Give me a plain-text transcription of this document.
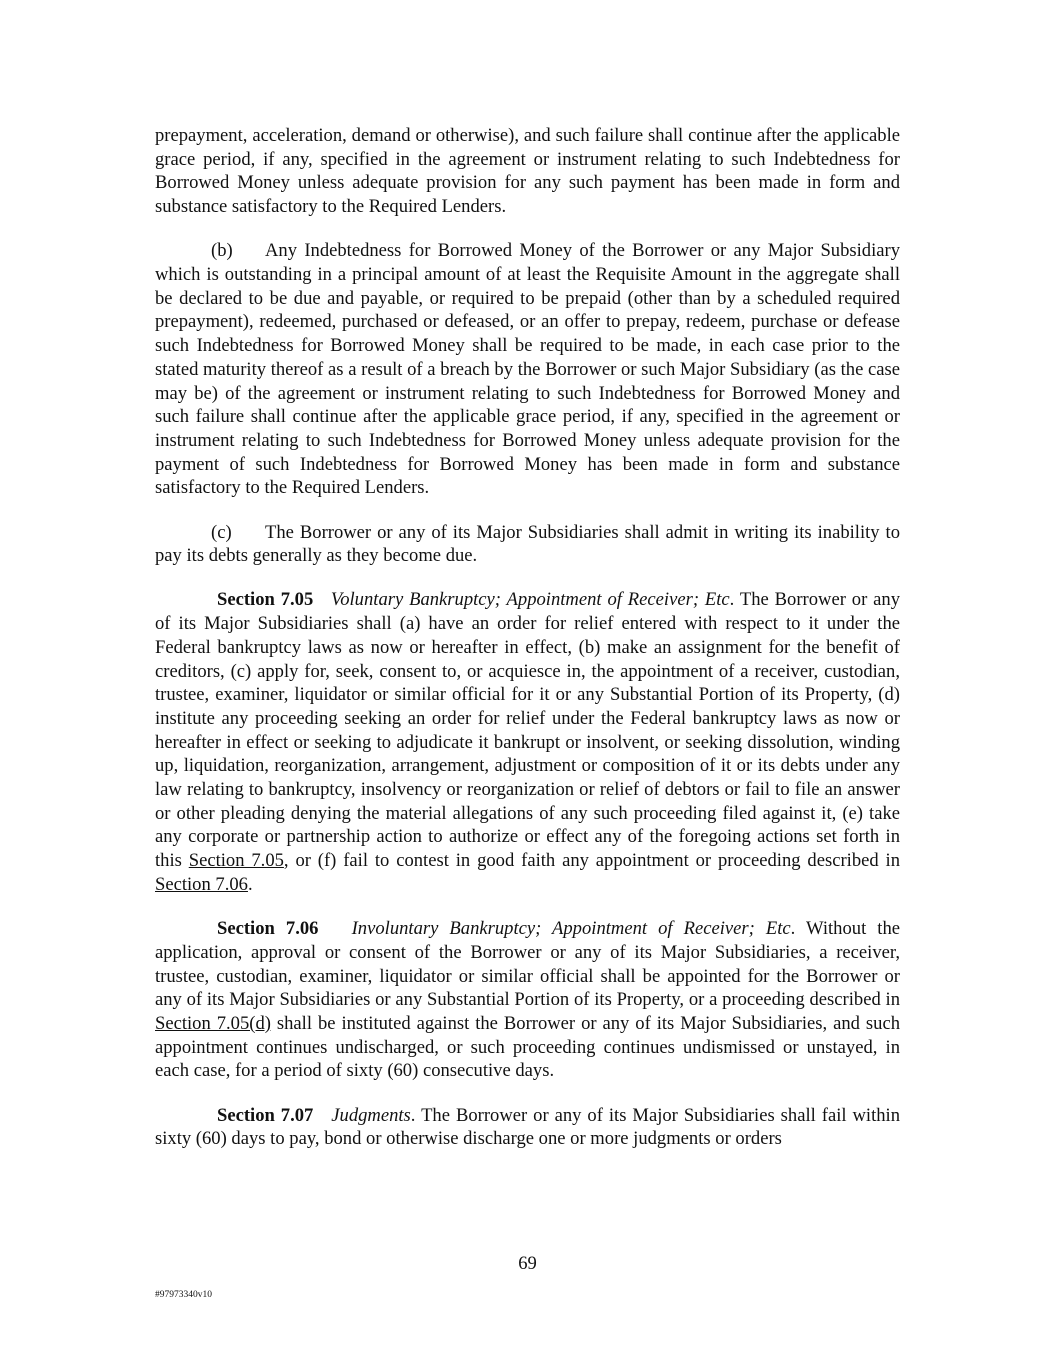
prepayment, acceleration, demand or otherwise), and such failure shall continue after the applicable grace period, if any, specified in the agreement or instrument relating to such Indebtedness for Borrowed Money unless adequate provision for any such payment has been made in form and substance satisfactory to the Required Lenders.

(b) Any Indebtedness for Borrowed Money of the Borrower or any Major Subsidiary which is outstanding in a principal amount of at least the Requisite Amount in the aggregate shall be declared to be due and payable, or required to be prepaid (other than by a scheduled required prepayment), redeemed, purchased or defeased, or an offer to prepay, redeem, purchase or defease such Indebtedness for Borrowed Money shall be required to be made, in each case prior to the stated maturity thereof as a result of a breach by the Borrower or such Major Subsidiary (as the case may be) of the agreement or instrument relating to such Indebtedness for Borrowed Money and such failure shall continue after the applicable grace period, if any, specified in the agreement or instrument relating to such Indebtedness for Borrowed Money unless adequate provision for the payment of such Indebtedness for Borrowed Money has been made in form and substance satisfactory to the Required Lenders.

(c) The Borrower or any of its Major Subsidiaries shall admit in writing its inability to pay its debts generally as they become due.

Section 7.05 Voluntary Bankruptcy; Appointment of Receiver; Etc. The Borrower or any of its Major Subsidiaries shall (a) have an order for relief entered with respect to it under the Federal bankruptcy laws as now or hereafter in effect, (b) make an assignment for the benefit of creditors, (c) apply for, seek, consent to, or acquiesce in, the appointment of a receiver, custodian, trustee, examiner, liquidator or similar official for it or any Substantial Portion of its Property, (d) institute any proceeding seeking an order for relief under the Federal bankruptcy laws as now or hereafter in effect or seeking to adjudicate it bankrupt or insolvent, or seeking dissolution, winding up, liquidation, reorganization, arrangement, adjustment or composition of it or its debts under any law relating to bankruptcy, insolvency or reorganization or relief of debtors or fail to file an answer or other pleading denying the material allegations of any such proceeding filed against it, (e) take any corporate or partnership action to authorize or effect any of the foregoing actions set forth in this Section 7.05, or (f) fail to contest in good faith any appointment or proceeding described in Section 7.06.

Section 7.06 Involuntary Bankruptcy; Appointment of Receiver; Etc. Without the application, approval or consent of the Borrower or any of its Major Subsidiaries, a receiver, trustee, custodian, examiner, liquidator or similar official shall be appointed for the Borrower or any of its Major Subsidiaries or any Substantial Portion of its Property, or a proceeding described in Section 7.05(d) shall be instituted against the Borrower or any of its Major Subsidiaries, and such appointment continues undischarged, or such proceeding continues undismissed or unstayed, in each case, for a period of sixty (60) consecutive days.

Section 7.07 Judgments. The Borrower or any of its Major Subsidiaries shall fail within sixty (60) days to pay, bond or otherwise discharge one or more judgments or orders

69
#97973340v10
